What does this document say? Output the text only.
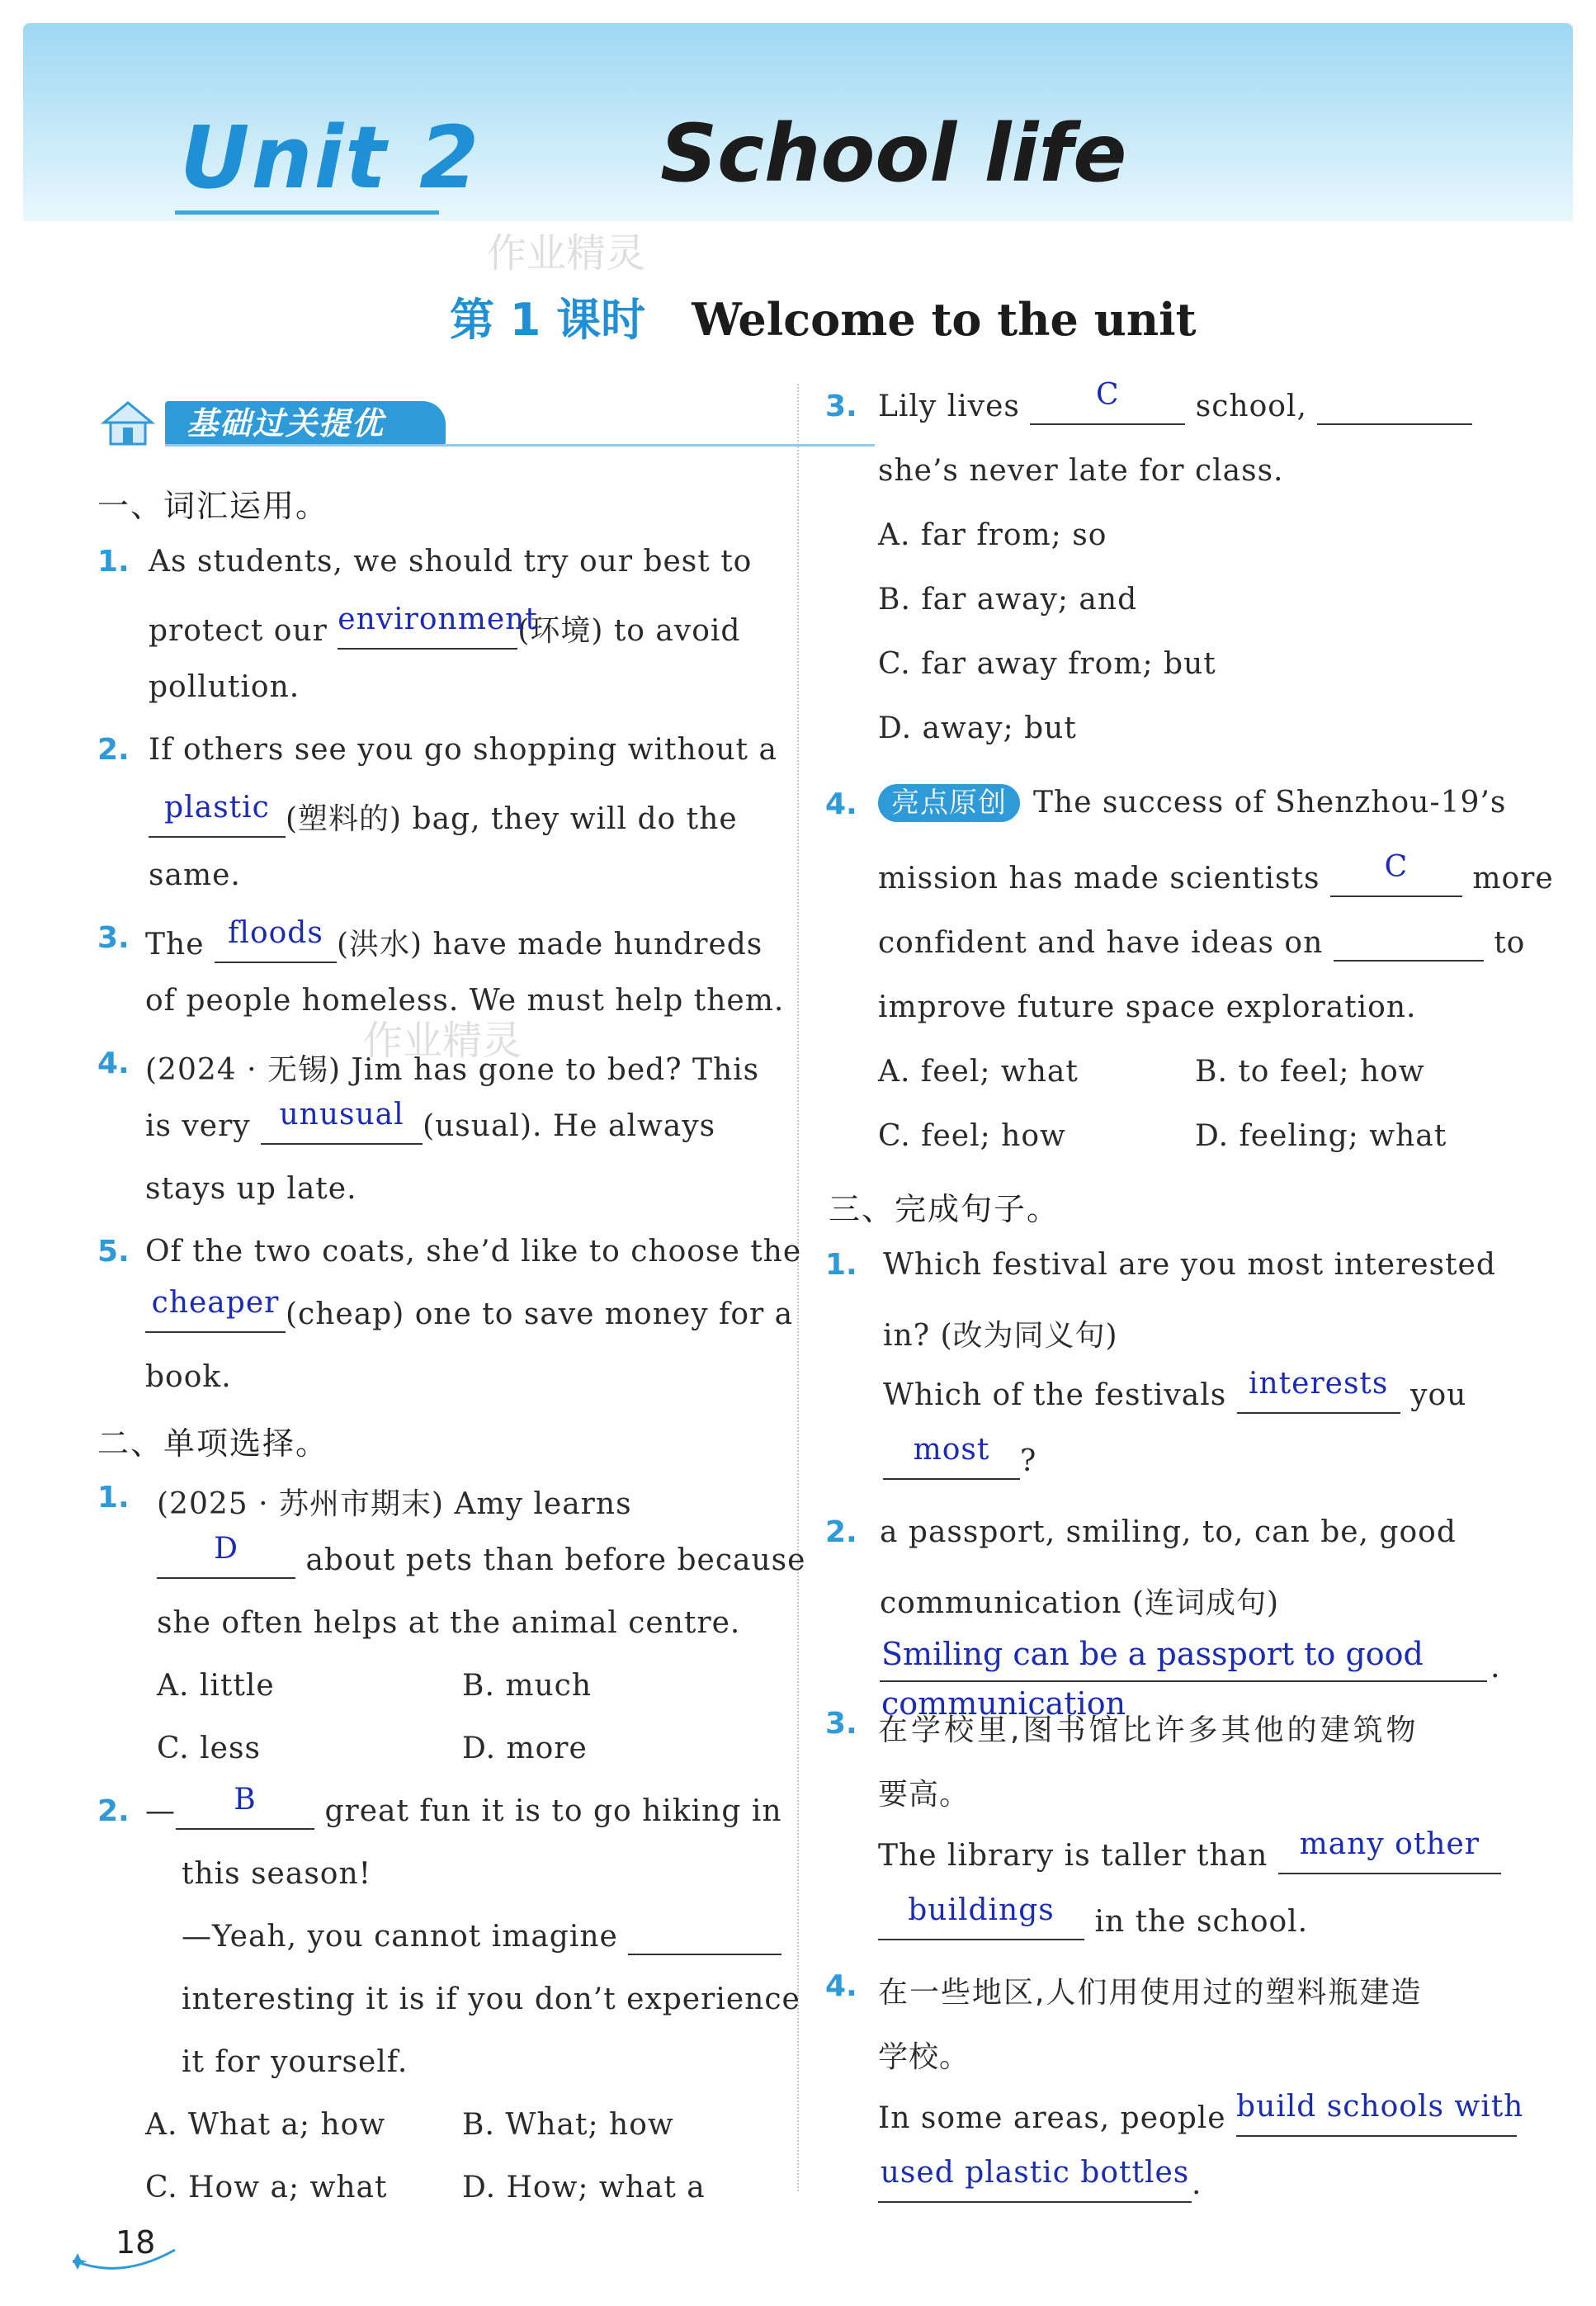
Unit 2 School life
作业精灵
第 1 课时 Welcome to the unit
基础过关提优
一、词汇运用。
1. As students, we should try our best to
protect our environment(环境) to avoid
pollution.
2. If others see you go shopping without a
plastic (塑料的) bag, they will do the
same.
3. The floods (洪水) have made hundreds
of people homeless. We must help them.
作业精灵
4. (2024 · 无锡) Jim has gone to bed? This
is very unusual (usual). He always
stays up late.
5. Of the two coats, she’d like to choose the
cheaper (cheap) one to save money for a
book.
二、单项选择。
1. (2025 · 苏州市期末) Amy learns
D about pets than before because
she often helps at the animal centre.
A. little	B. much
C. less	D. more
2. — B great fun it is to go hiking in
this season!
—Yeah, you cannot imagine
interesting it is if you don’t experience
it for yourself.
A. What a; how	B. What; how
C. How a; what	D. How; what a
3. Lily lives	C	school,
she’s never late for class.
A. far from; so
B. far away; and
C. far away from; but
D. away; but
4.	亮点原创 The success of Shenzhou-19’s
mission has made scientists C more
confident and have ideas on	to
improve future space exploration.
A. feel; what	B. to feel; how
C. feel; how	D. feeling; what
三、完成句子。
1. Which festival are you most interested
in? (改为同义句)
Which of the festivals interests you
most ?
2. a passport, smiling, to, can be, good
communication (连词成句)
Smiling can be a passport to good .
communication
3. 在学校里,图书馆比许多其他的建筑物
要高。
The library is taller than many other
buildings in the school.
4. 在一些地区,人们用使用过的塑料瓶建造
学校。
In some areas, people build schools with
used plastic bottles.
18
